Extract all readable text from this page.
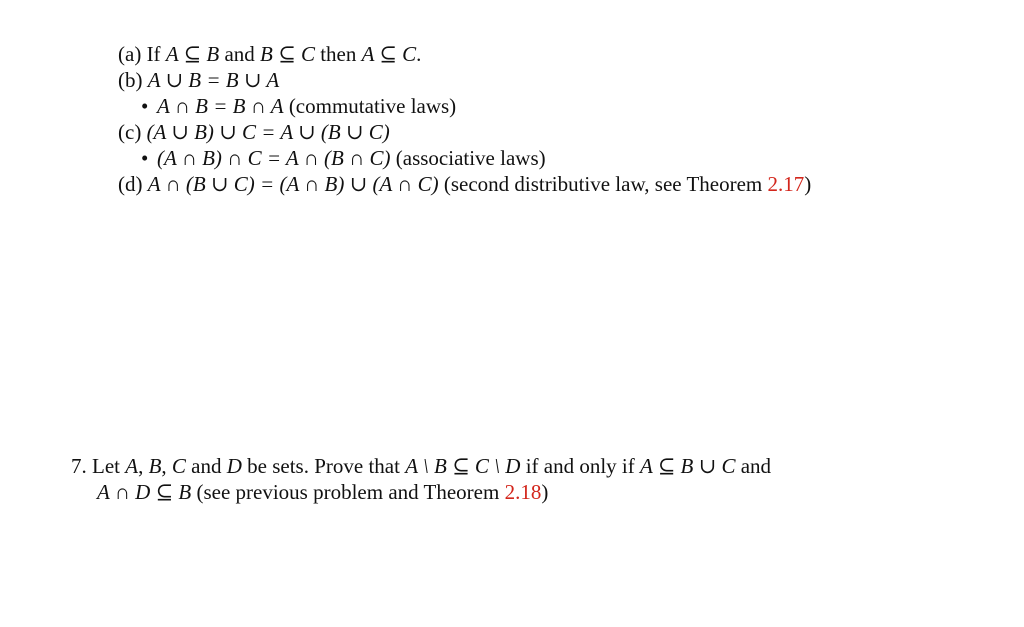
(a) If A ⊆ B and B ⊆ C then A ⊆ C.
(b) A ∪ B = B ∪ A
• A ∩ B = B ∩ A (commutative laws)
(c) (A ∪ B) ∪ C = A ∪ (B ∪ C)
• (A ∩ B) ∩ C = A ∩ (B ∩ C) (associative laws)
(d) A ∩ (B ∪ C) = (A ∩ B) ∪ (A ∩ C) (second distributive law, see Theorem 2.17)
7. Let A, B, C and D be sets. Prove that A \ B ⊆ C \ D if and only if A ⊆ B ∪ C and
A ∩ D ⊆ B (see previous problem and Theorem 2.18)
